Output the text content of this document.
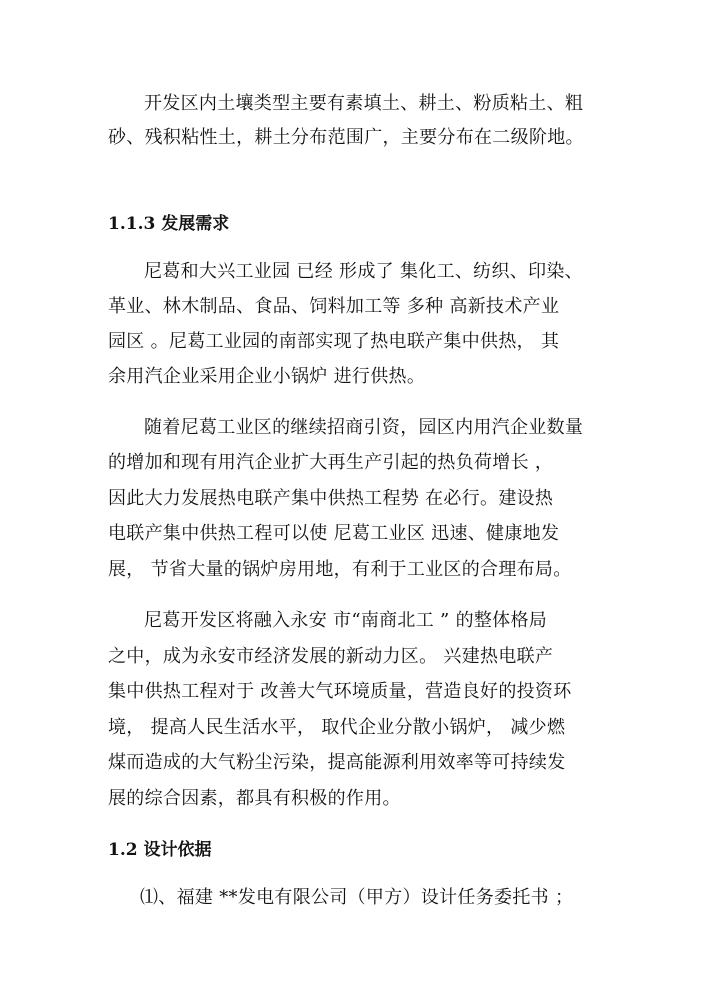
开发区内土壤类型主要有素填土、耕土、粉质粘土、粗
砂、残积粘性土，耕土分布范围广，主要分布在二级阶地。
1.1.3 发展需求
尼葛和大兴工业园 已经 形成了 集化工、纺织、印染、
革业、林木制品、食品、饲料加工等 多种 高新技术产业
园区 。尼葛工业园的南部实现了热电联产集中供热， 其
余用汽企业采用企业小锅炉 进行供热。
随着尼葛工业区的继续招商引资，园区内用汽企业数量
的增加和现有用汽企业扩大再生产引起的热负荷增长 ，
因此大力发展热电联产集中供热工程势 在必行。建设热
电联产集中供热工程可以使 尼葛工业区 迅速、健康地发
展， 节省大量的锅炉房用地，有利于工业区的合理布局。
尼葛开发区将融入永安 市“南商北工 ” 的整体格局
之中，成为永安市经济发展的新动力区。 兴建热电联产
集中供热工程对于 改善大气环境质量，营造良好的投资环
境， 提高人民生活水平， 取代企业分散小锅炉， 减少燃
煤而造成的大气粉尘污染，提高能源利用效率等可持续发
展的综合因素，都具有积极的作用。
1.2 设计依据
⑴、福建 **发电有限公司（甲方）设计任务委托书 ；
